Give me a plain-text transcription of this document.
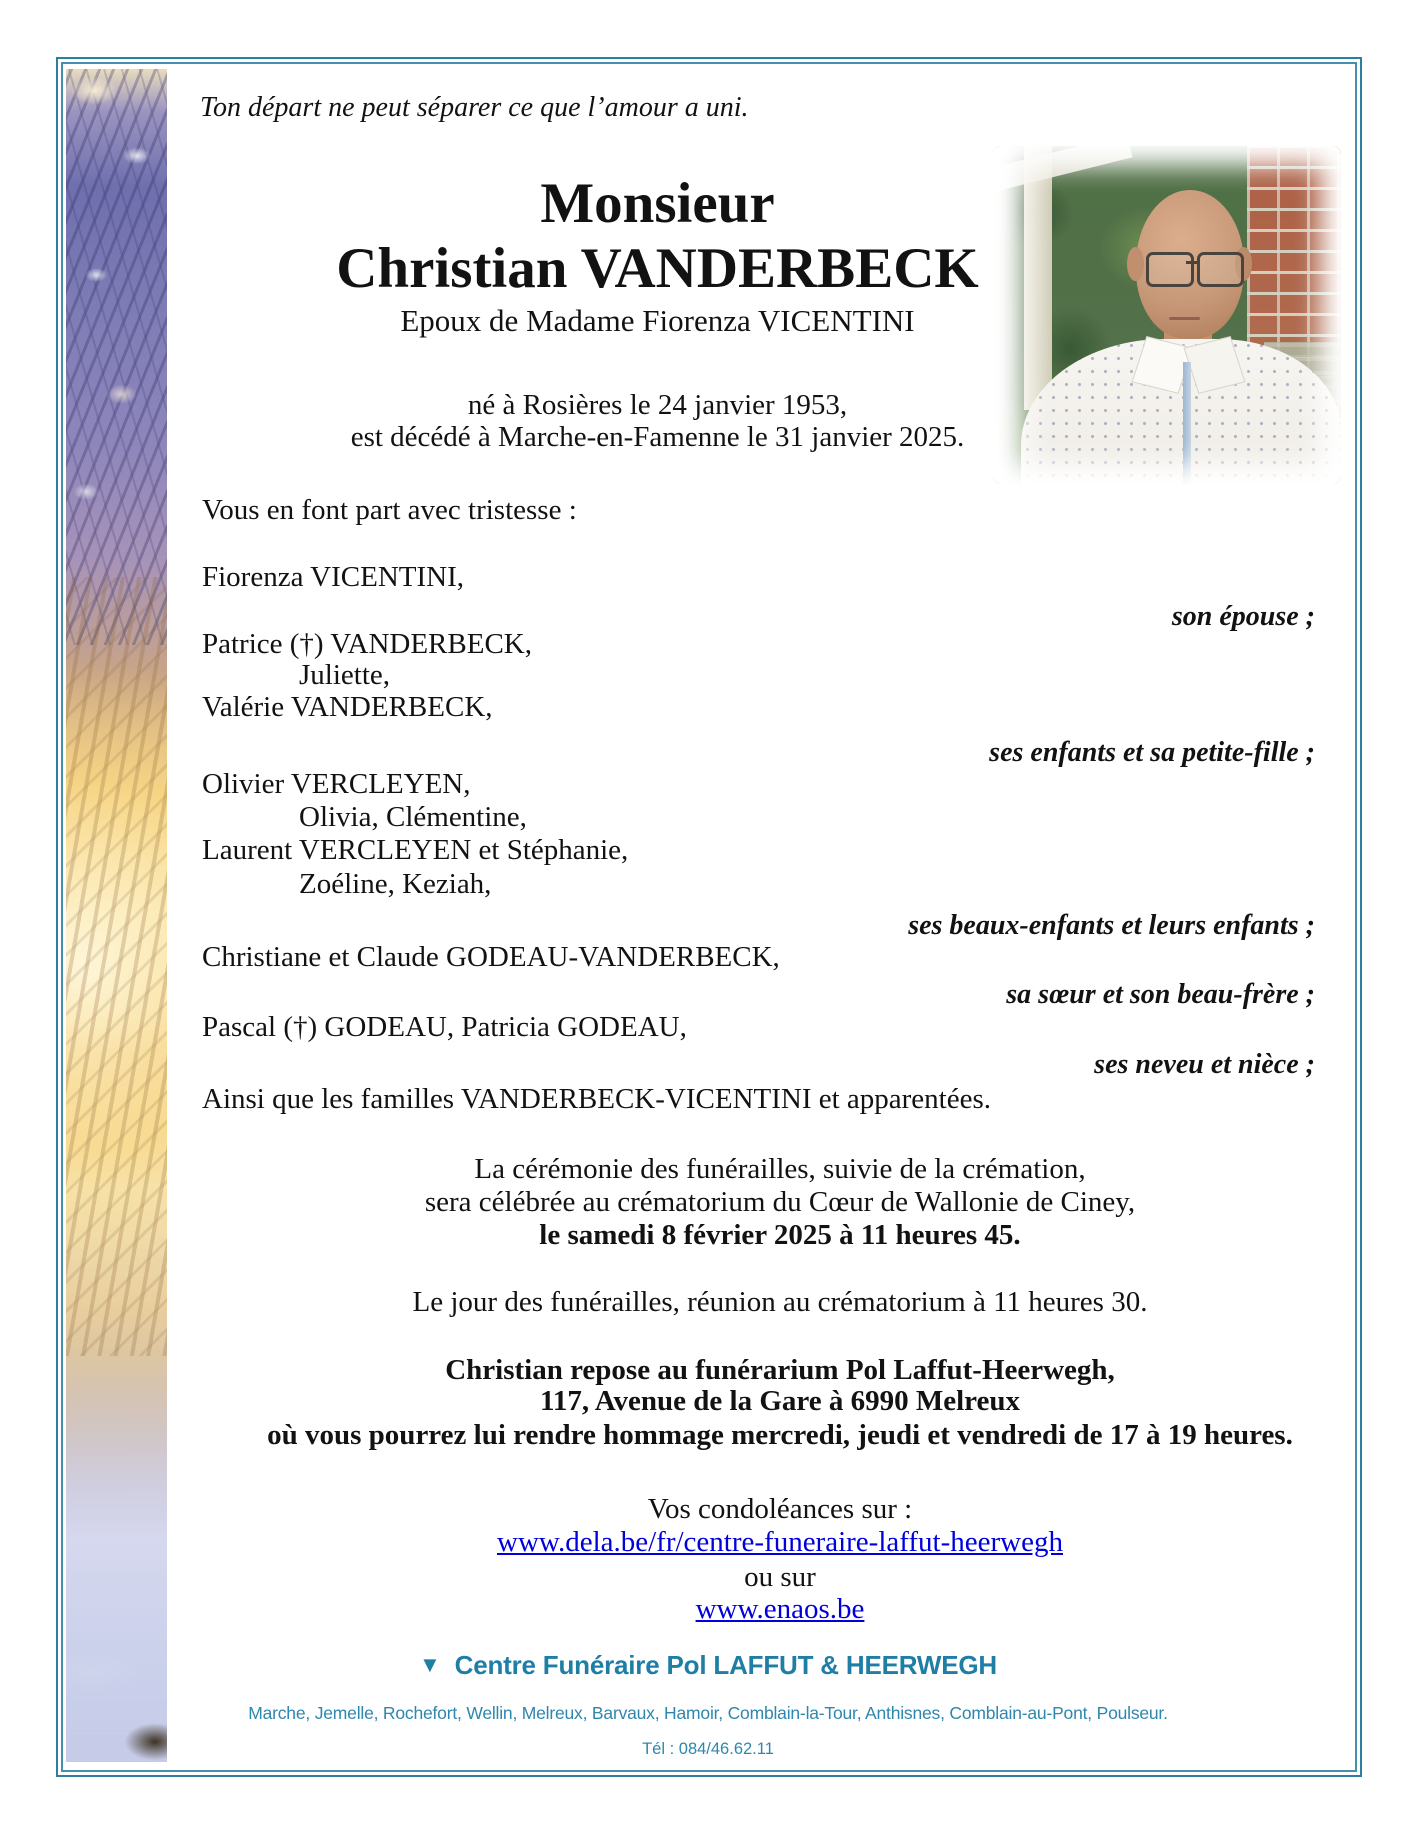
Ton départ ne peut séparer ce que l’amour a uni.
Monsieur
Christian VANDERBECK
Epoux de Madame Fiorenza VICENTINI
né à Rosières le 24 janvier 1953,
est décédé à Marche-en-Famenne le 31 janvier 2025.
Vous en font part avec tristesse :
Fiorenza VICENTINI,
son épouse ;
Patrice (†) VANDERBECK,
Juliette,
Valérie VANDERBECK,
ses enfants et sa petite-fille ;
Olivier VERCLEYEN,
Olivia, Clémentine,
Laurent VERCLEYEN et Stéphanie,
Zoéline, Keziah,
ses beaux-enfants et leurs enfants ;
Christiane et Claude GODEAU-VANDERBECK,
sa sœur et son beau-frère ;
Pascal (†) GODEAU, Patricia GODEAU,
ses neveu et nièce ;
Ainsi que les familles VANDERBECK-VICENTINI et apparentées.
La cérémonie des funérailles, suivie de la crémation,
sera célébrée au crématorium du Cœur de Wallonie de Ciney,
le samedi 8 février 2025 à 11 heures 45.
Le jour des funérailles, réunion au crématorium à 11 heures 30.
Christian repose au funérarium Pol Laffut-Heerwegh,
117, Avenue de la Gare à 6990 Melreux
où vous pourrez lui rendre hommage mercredi, jeudi et vendredi de 17 à 19 heures.
Vos condoléances sur :
www.dela.be/fr/centre-funeraire-laffut-heerwegh
ou sur
www.enaos.be
▼ Centre Funéraire Pol LAFFUT & HEERWEGH
Marche, Jemelle, Rochefort, Wellin, Melreux, Barvaux, Hamoir, Comblain-la-Tour, Anthisnes, Comblain-au-Pont, Poulseur.
Tél : 084/46.62.11
